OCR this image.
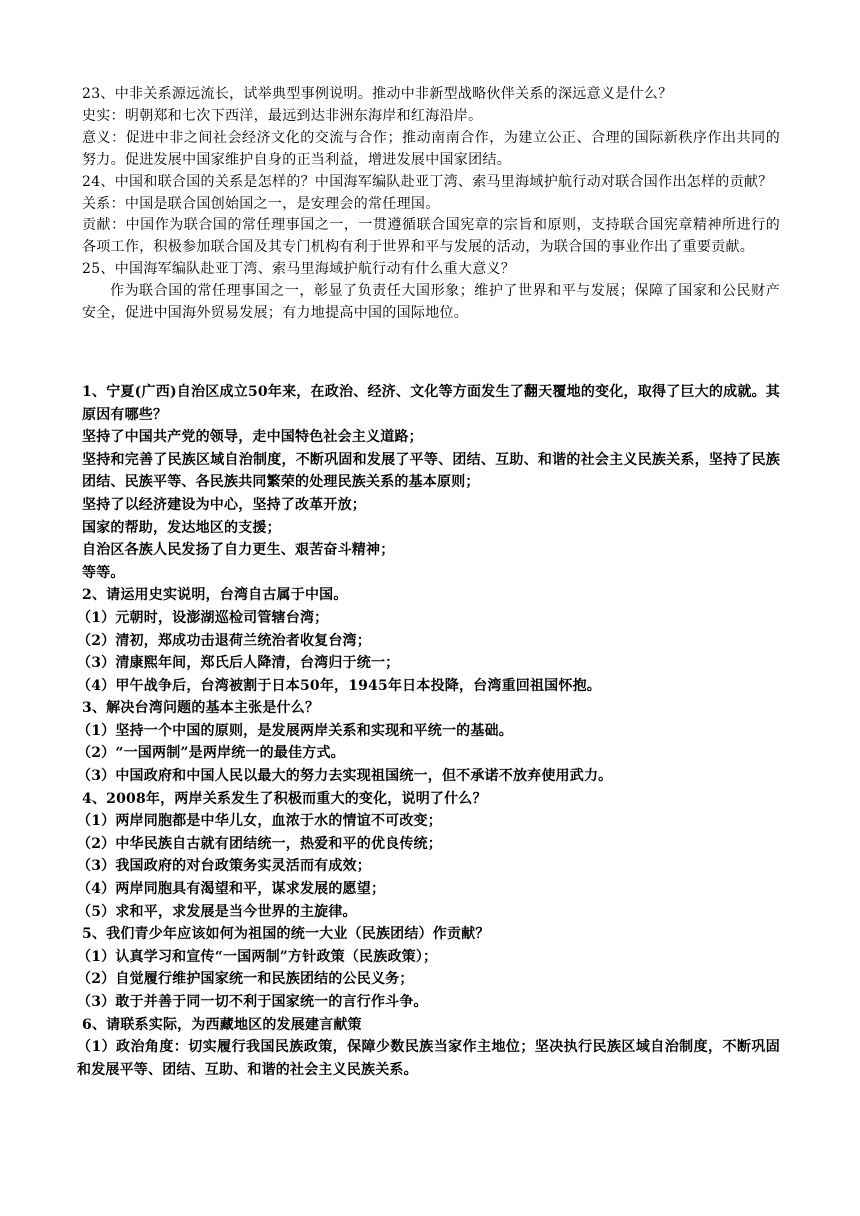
23、中非关系源远流长，试举典型事例说明。推动中非新型战略伙伴关系的深远意义是什么？

史实：明朝郑和七次下西洋，最远到达非洲东海岸和红海沿岸。

意义：促进中非之间社会经济文化的交流与合作；推动南南合作，为建立公正、合理的国际新秩序作出共同的努力。促进发展中国家维护自身的正当利益，增进发展中国家团结。

24、中国和联合国的关系是怎样的？中国海军编队赴亚丁湾、索马里海域护航行动对联合国作出怎样的贡献？

关系：中国是联合国创始国之一，是安理会的常任理国。

贡献：中国作为联合国的常任理事国之一，一贯遵循联合国宪章的宗旨和原则，支持联合国宪章精神所进行的各项工作，积极参加联合国及其专门机构有利于世界和平与发展的活动，为联合国的事业作出了重要贡献。

25、中国海军编队赴亚丁湾、索马里海域护航行动有什么重大意义？

作为联合国的常任理事国之一，彰显了负责任大国形象；维护了世界和平与发展；保障了国家和公民财产安全，促进中国海外贸易发展；有力地提高中国的国际地位。

1、宁夏(广西)自治区成立50年来，在政治、经济、文化等方面发生了翻天覆地的变化，取得了巨大的成就。其原因有哪些？

坚持了中国共产党的领导，走中国特色社会主义道路；

坚持和完善了民族区域自治制度，不断巩固和发展了平等、团结、互助、和谐的社会主义民族关系，坚持了民族团结、民族平等、各民族共同繁荣的处理民族关系的基本原则；

坚持了以经济建设为中心，坚持了改革开放；

国家的帮助，发达地区的支援；

自治区各族人民发扬了自力更生、艰苦奋斗精神；

等等。

2、请运用史实说明，台湾自古属于中国。

（1）元朝时，设澎湖巡检司管辖台湾；

（2）清初，郑成功击退荷兰统治者收复台湾；

（3）清康熙年间，郑氏后人降清，台湾归于统一；

（4）甲午战争后，台湾被割于日本50年，1945年日本投降，台湾重回祖国怀抱。

3、解决台湾问题的基本主张是什么？

（1）坚持一个中国的原则，是发展两岸关系和实现和平统一的基础。

（2）“一国两制”是两岸统一的最佳方式。

（3）中国政府和中国人民以最大的努力去实现祖国统一，但不承诺不放弃使用武力。

4、2008年，两岸关系发生了积极而重大的变化，说明了什么？

（1）两岸同胞都是中华儿女，血浓于水的情谊不可改变；

（2）中华民族自古就有团结统一，热爱和平的优良传统；

（3）我国政府的对台政策务实灵活而有成效；

（4）两岸同胞具有渴望和平，谋求发展的愿望；

（5）求和平，求发展是当今世界的主旋律。

5、我们青少年应该如何为祖国的统一大业（民族团结）作贡献？

（1）认真学习和宣传“一国两制”方针政策（民族政策）；

（2）自觉履行维护国家统一和民族团结的公民义务；

（3）敢于并善于同一切不利于国家统一的言行作斗争。

6、请联系实际，为西藏地区的发展建言献策

（1）政治角度：切实履行我国民族政策，保障少数民族当家作主地位；坚决执行民族区域自治制度，不断巩固和发展平等、团结、互助、和谐的社会主义民族关系。
